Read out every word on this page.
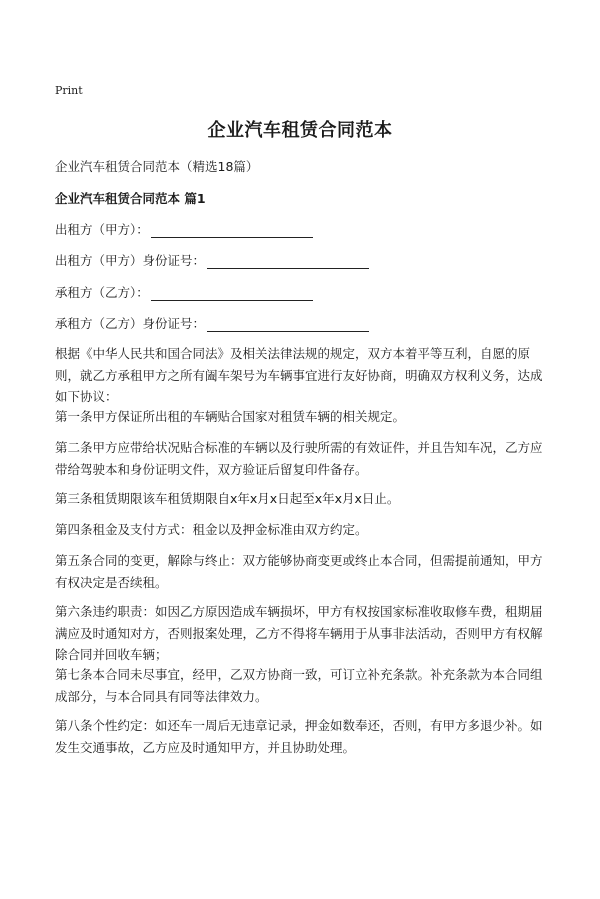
Print
企业汽车租赁合同范本
企业汽车租赁合同范本（精选18篇）
企业汽车租赁合同范本 篇1
出租方（甲方）：
出租方（甲方）身份证号：
承租方（乙方）：
承租方（乙方）身份证号：
根据《中华人民共和国合同法》及相关法律法规的规定，双方本着平等互利，自愿的原则，就乙方承租甲方之所有阖车架号为车辆事宜进行友好协商，明确双方权利义务，达成如下协议：
第一条甲方保证所出租的车辆贴合国家对租赁车辆的相关规定。
第二条甲方应带给状况贴合标准的车辆以及行驶所需的有效证件，并且告知车况，乙方应带给驾驶本和身份证明文件，双方验证后留复印件备存。
第三条租赁期限该车租赁期限自x年x月x日起至x年x月x日止。
第四条租金及支付方式：租金以及押金标准由双方约定。
第五条合同的变更，解除与终止：双方能够协商变更或终止本合同，但需提前通知，甲方有权决定是否续租。
第六条违约职责：如因乙方原因造成车辆损坏，甲方有权按国家标准收取修车费，租期届满应及时通知对方，否则报案处理，乙方不得将车辆用于从事非法活动，否则甲方有权解除合同并回收车辆；
第七条本合同未尽事宜，经甲，乙双方协商一致，可订立补充条款。补充条款为本合同组成部分，与本合同具有同等法律效力。
第八条个性约定：如还车一周后无违章记录，押金如数奉还，否则，有甲方多退少补。如发生交通事故，乙方应及时通知甲方，并且协助处理。
